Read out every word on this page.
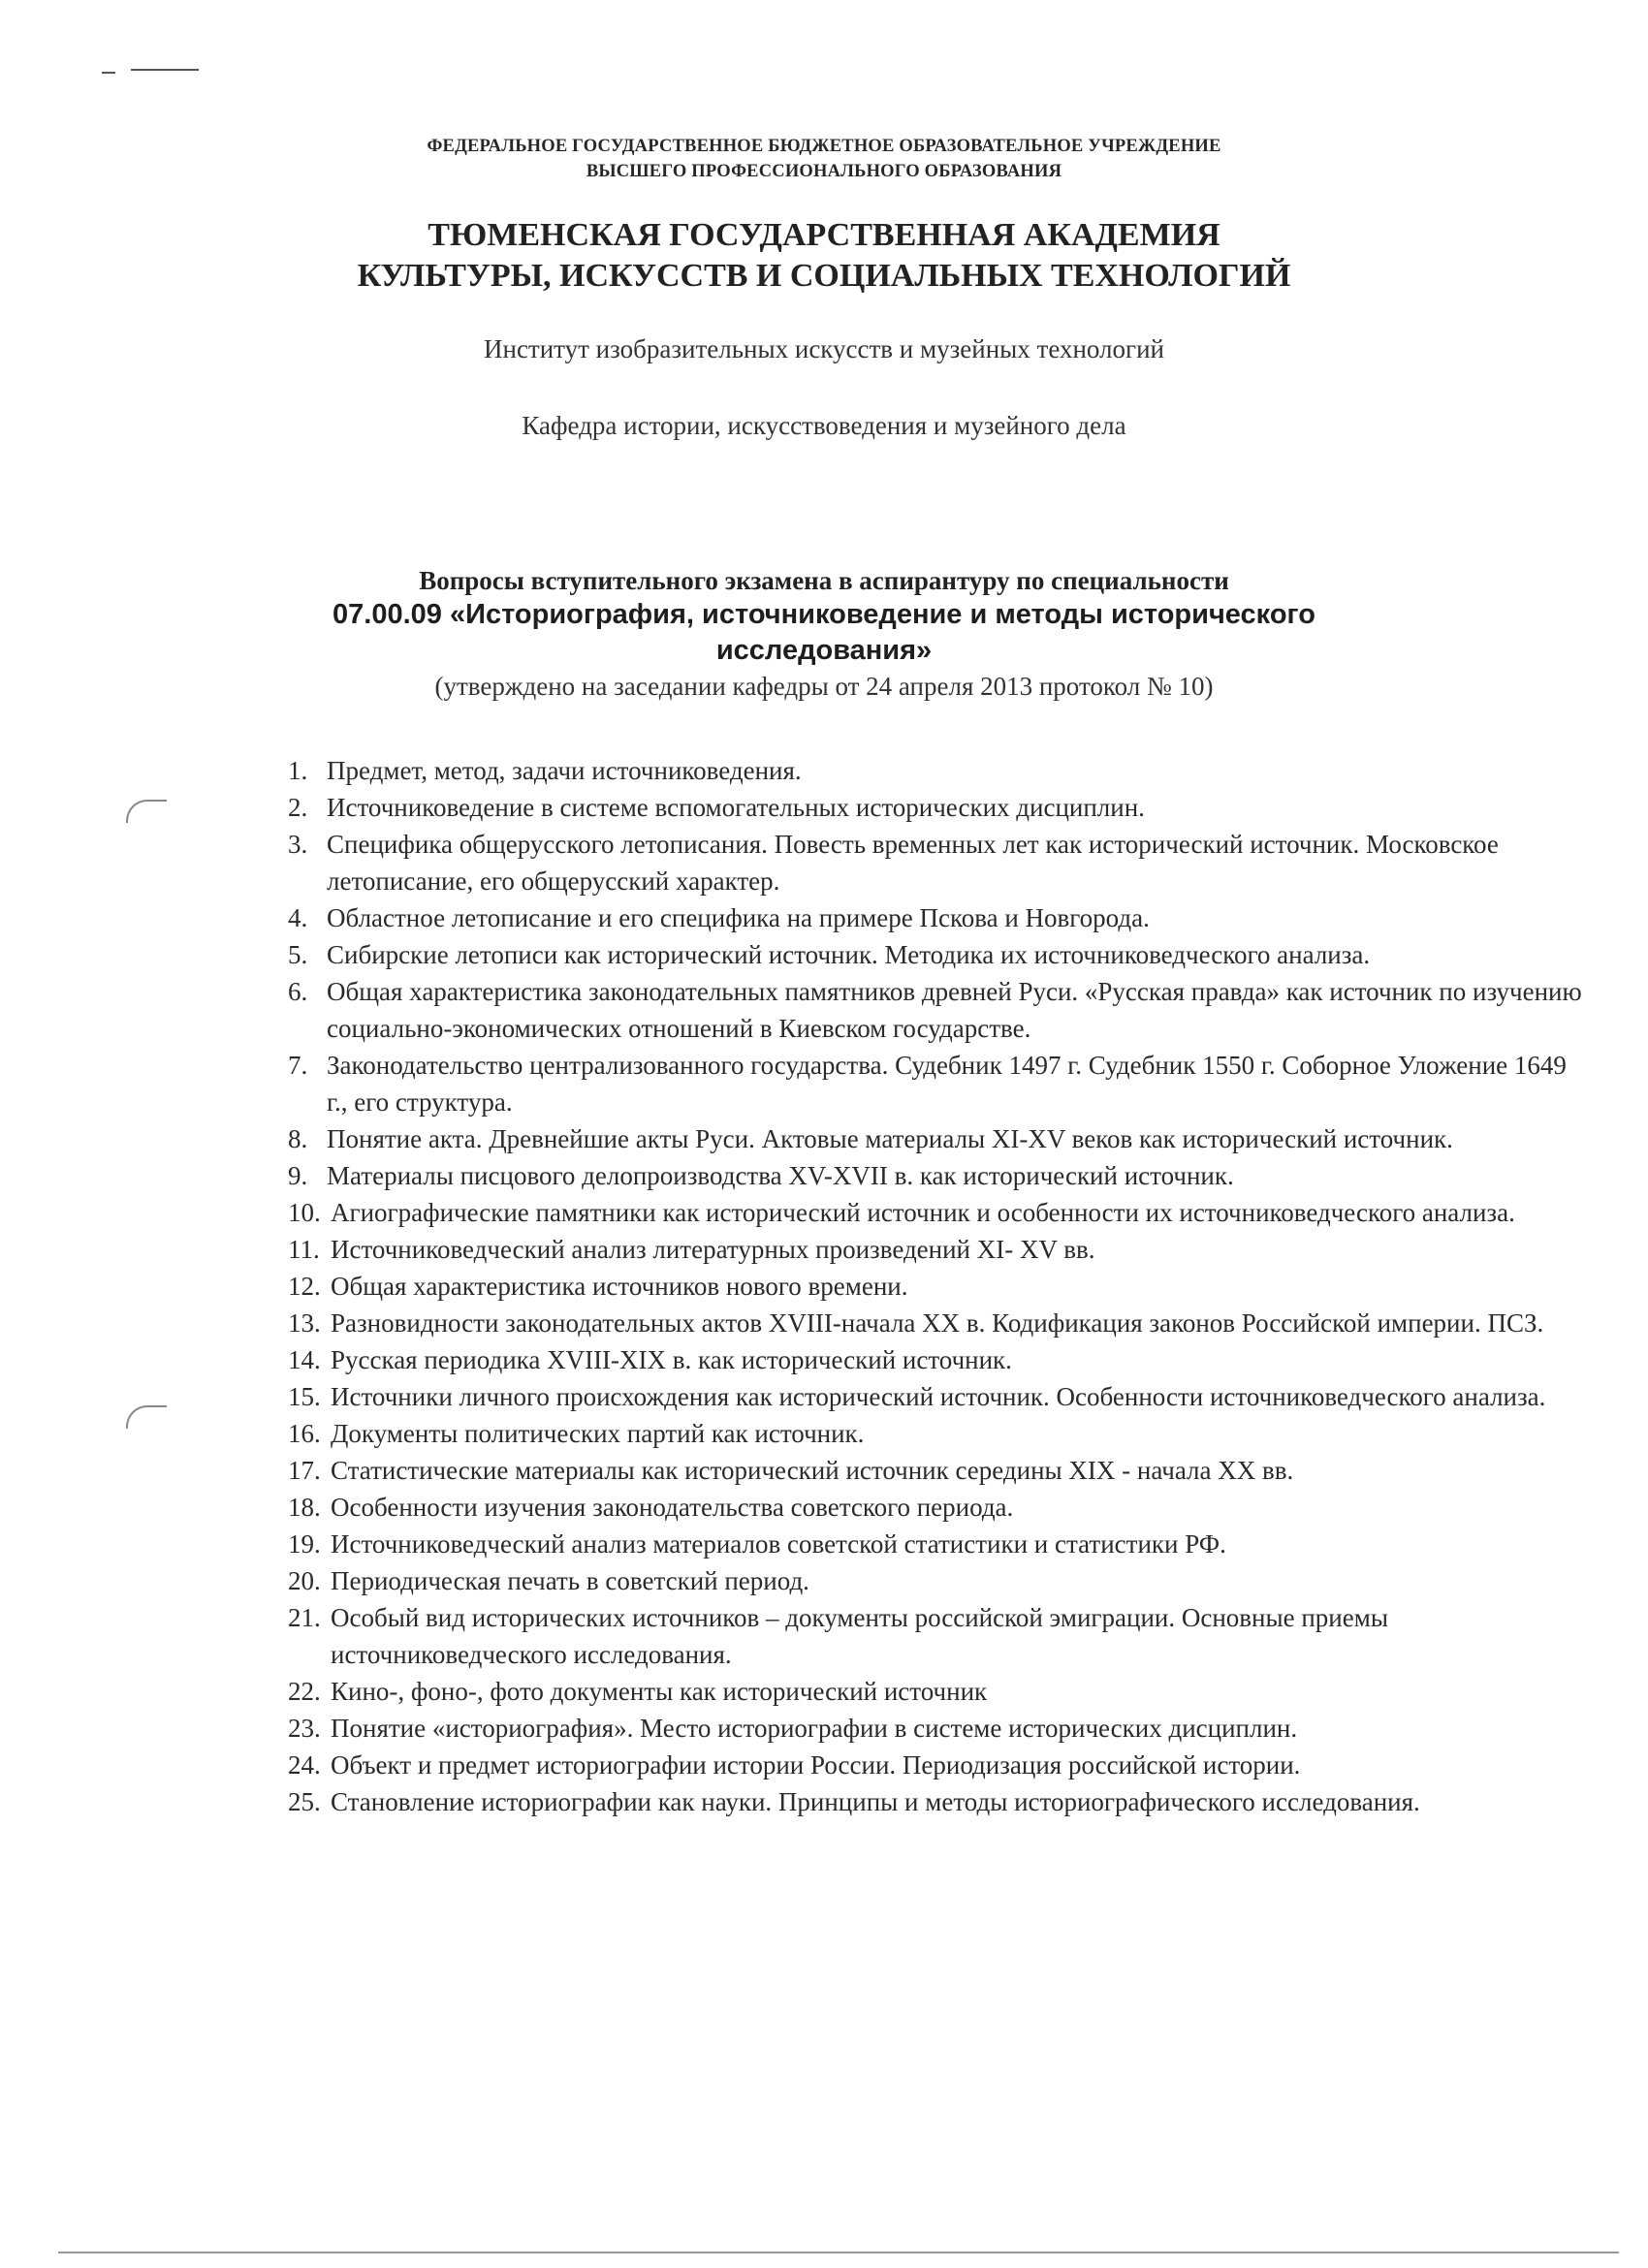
ФЕДЕРАЛЬНОЕ ГОСУДАРСТВЕННОЕ БЮДЖЕТНОЕ ОБРАЗОВАТЕЛЬНОЕ УЧРЕЖДЕНИЕ
ВЫСШЕГО ПРОФЕССИОНАЛЬНОГО ОБРАЗОВАНИЯ
ТЮМЕНСКАЯ ГОСУДАРСТВЕННАЯ АКАДЕМИЯ
КУЛЬТУРЫ, ИСКУССТВ И СОЦИАЛЬНЫХ ТЕХНОЛОГИЙ
Институт изобразительных искусств и музейных технологий
Кафедра истории, искусствоведения и музейного дела
Вопросы вступительного экзамена в аспирантуру по специальности
07.00.09 «Историография, источниковедение и методы исторического
исследования»
(утверждено на заседании кафедры от 24 апреля 2013 протокол № 10)
1. Предмет, метод, задачи источниковедения.
2. Источниковедение в системе вспомогательных исторических дисциплин.
3. Специфика общерусского летописания. Повесть временных лет как исторический источник. Московское летописание, его общерусский характер.
4. Областное летописание и его специфика на примере Пскова и Новгорода.
5. Сибирские летописи как исторический источник. Методика их источниковедческого анализа.
6. Общая характеристика законодательных памятников древней Руси. «Русская правда» как источник по изучению социально-экономических отношений в Киевском государстве.
7. Законодательство централизованного государства. Судебник 1497 г. Судебник 1550 г. Соборное Уложение 1649 г., его структура.
8. Понятие акта. Древнейшие акты Руси. Актовые материалы XI-XV веков как исторический источник.
9. Материалы писцового делопроизводства XV-XVII в. как исторический источник.
10. Агиографические памятники как исторический источник и особенности их источниковедческого анализа.
11. Источниковедческий анализ литературных произведений XI- XV вв.
12. Общая характеристика источников нового времени.
13. Разновидности законодательных актов XVIII-начала XX в. Кодификация законов Российской империи. ПСЗ.
14. Русская периодика XVIII-XIX в. как исторический источник.
15. Источники личного происхождения как исторический источник. Особенности источниковедческого анализа.
16. Документы политических партий как источник.
17. Статистические материалы как исторический источник середины XIX - начала XX вв.
18. Особенности изучения законодательства советского периода.
19. Источниковедческий анализ материалов советской статистики и статистики РФ.
20. Периодическая печать в советский период.
21. Особый вид исторических источников – документы российской эмиграции. Основные приемы источниковедческого исследования.
22. Кино-, фоно-, фото документы как исторический источник
23. Понятие «историография». Место историографии в системе исторических дисциплин.
24. Объект и предмет историографии истории России. Периодизация российской истории.
25. Становление историографии как науки. Принципы и методы историографического исследования.
